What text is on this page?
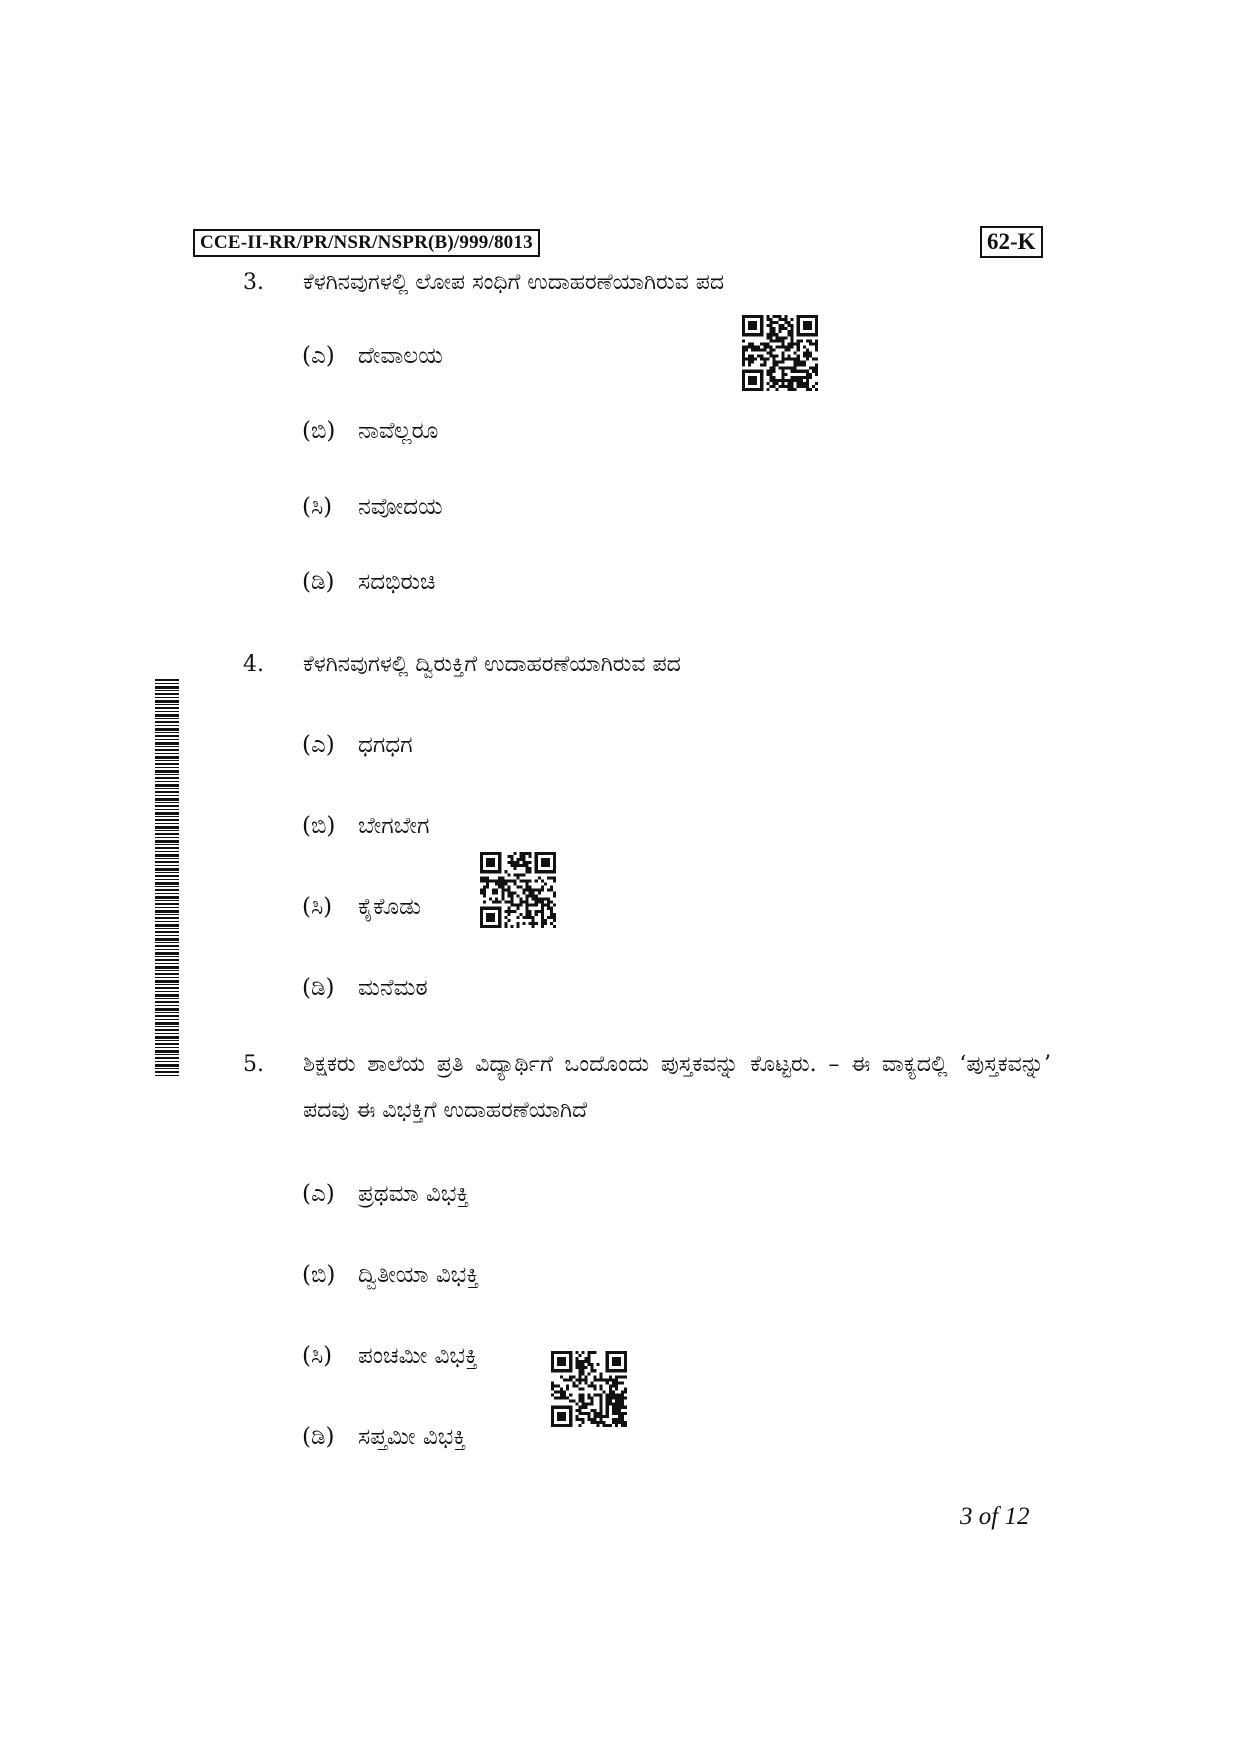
CCE-II-RR/PR/NSR/NSPR(B)/999/8013	62-K
3. ಕೆಳಗಿನವುಗಳಲ್ಲಿ ಲೋಪ ಸಂಧಿಗೆ ಉದಾಹರಣೆಯಾಗಿರುವ ಪದ
(ಎ) ದೇವಾಲಯ
(ಬಿ) ನಾವೆಲ್ಲರೂ
(ಸಿ) ನವೋದಯ
(ಡಿ) ಸದಭಿರುಚಿ
4. ಕೆಳಗಿನವುಗಳಲ್ಲಿ ದ್ವಿರುಕ್ತಿಗೆ ಉದಾಹರಣೆಯಾಗಿರುವ ಪದ
(ಎ) ಧಗಧಗ
(ಬಿ) ಬೇಗಬೇಗ
(ಸಿ) ಕೈಕೊಡು
(ಡಿ) ಮನೆಮಠ
5. ಶಿಕ್ಷಕರು ಶಾಲೆಯ ಪ್ರತಿ ವಿದ್ಯಾರ್ಥಿಗೆ ಒಂದೊಂದು ಪುಸ್ತಕವನ್ನು ಕೊಟ್ಟರು. – ಈ ವಾಕ್ಯದಲ್ಲಿ ‘ಪುಸ್ತಕವನ್ನು’ ಪದವು ಈ ವಿಭಕ್ತಿಗೆ ಉದಾಹರಣೆಯಾಗಿದೆ
(ಎ) ಪ್ರಥಮಾ ವಿಭಕ್ತಿ
(ಬಿ) ದ್ವಿತೀಯಾ ವಿಭಕ್ತಿ
(ಸಿ) ಪಂಚಮೀ ವಿಭಕ್ತಿ
(ಡಿ) ಸಪ್ತಮೀ ವಿಭಕ್ತಿ
3 of 12
